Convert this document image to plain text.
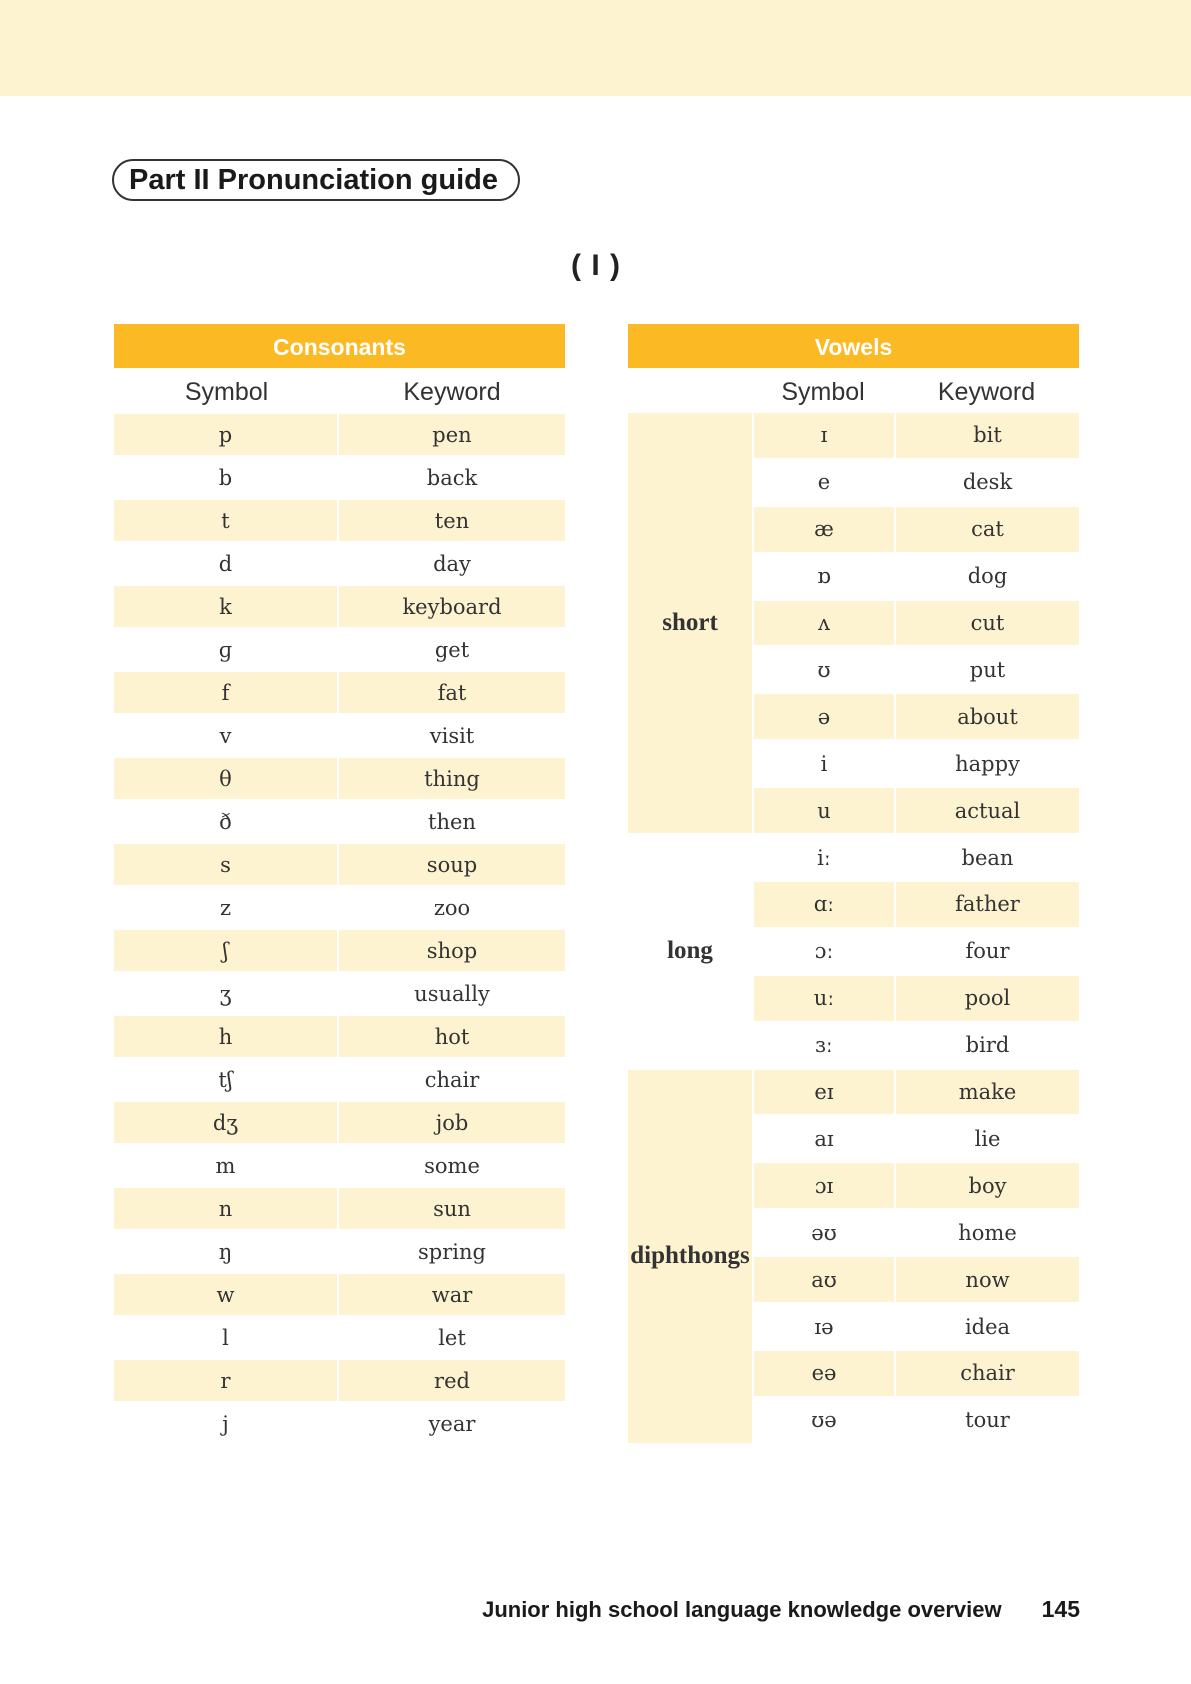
Part II Pronunciation guide
( I )
Consonants
Symbol	Keyword
p	pen
b	back
t	ten
d	day
k	keyboard
ɡ	get
f	fat
v	visit
θ	thing
ð	then
s	soup
z	zoo
ʃ	shop
ʒ	usually
h	hot
tʃ	chair
dʒ	job
m	some
n	sun
ŋ	spring
w	war
l	let
r	red
j	year
Vowels
Symbol	Keyword
ɪ	bit
e	desk
æ	cat
ɒ	dog
ʌ	cut
ʊ	put
ə	about
i	happy
u	actual
short
iː	bean
ɑː	father
ɔː	four
uː	pool
ɜː	bird
long
eɪ	make
aɪ	lie
ɔɪ	boy
əʊ	home
aʊ	now
ɪə	idea
eə	chair
ʊə	tour
diphthongs
Junior high school language knowledge overview 145
